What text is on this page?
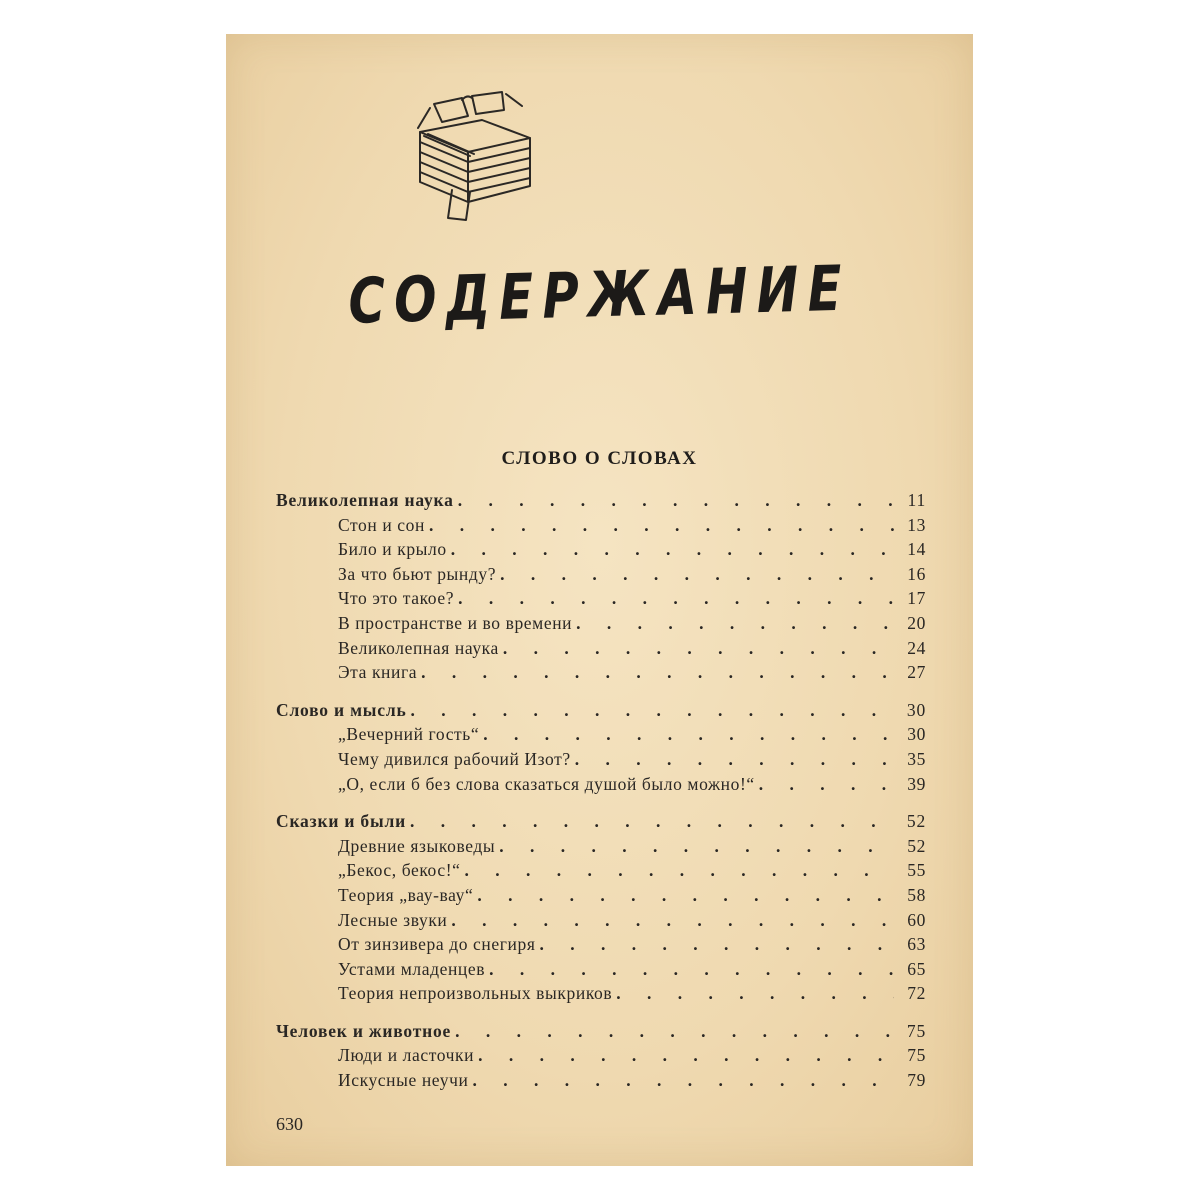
СОДЕРЖАНИЕ
СЛОВО О СЛОВАХ
Великолепная наука . . .	11
Стон и сон . . .	13
Било и крыло . . .	14
За что бьют рынду? . . .	16
Что это такое? . . .	17
В пространстве и во времени . . .	20
Великолепная наука . . .	24
Эта книга . . .	27
Слово и мысль . . .	30
„Вечерний гость“ . . .	30
Чему дивился рабочий Изот? . . .	35
„О, если б без слова сказаться душой было можно!“ . . .	39
Сказки и были . . .	52
Древние языковеды . . .	52
„Бекос, бекос!“ . . .	55
Теория „вау-вау“ . . .	58
Лесные звуки . . .	60
От зинзивера до снегиря . . .	63
Устами младенцев . . .	65
Теория непроизвольных выкриков . . .	72
Человек и животное . . .	75
Люди и ласточки . . .	75
Искусные неучи . . .	79
630
